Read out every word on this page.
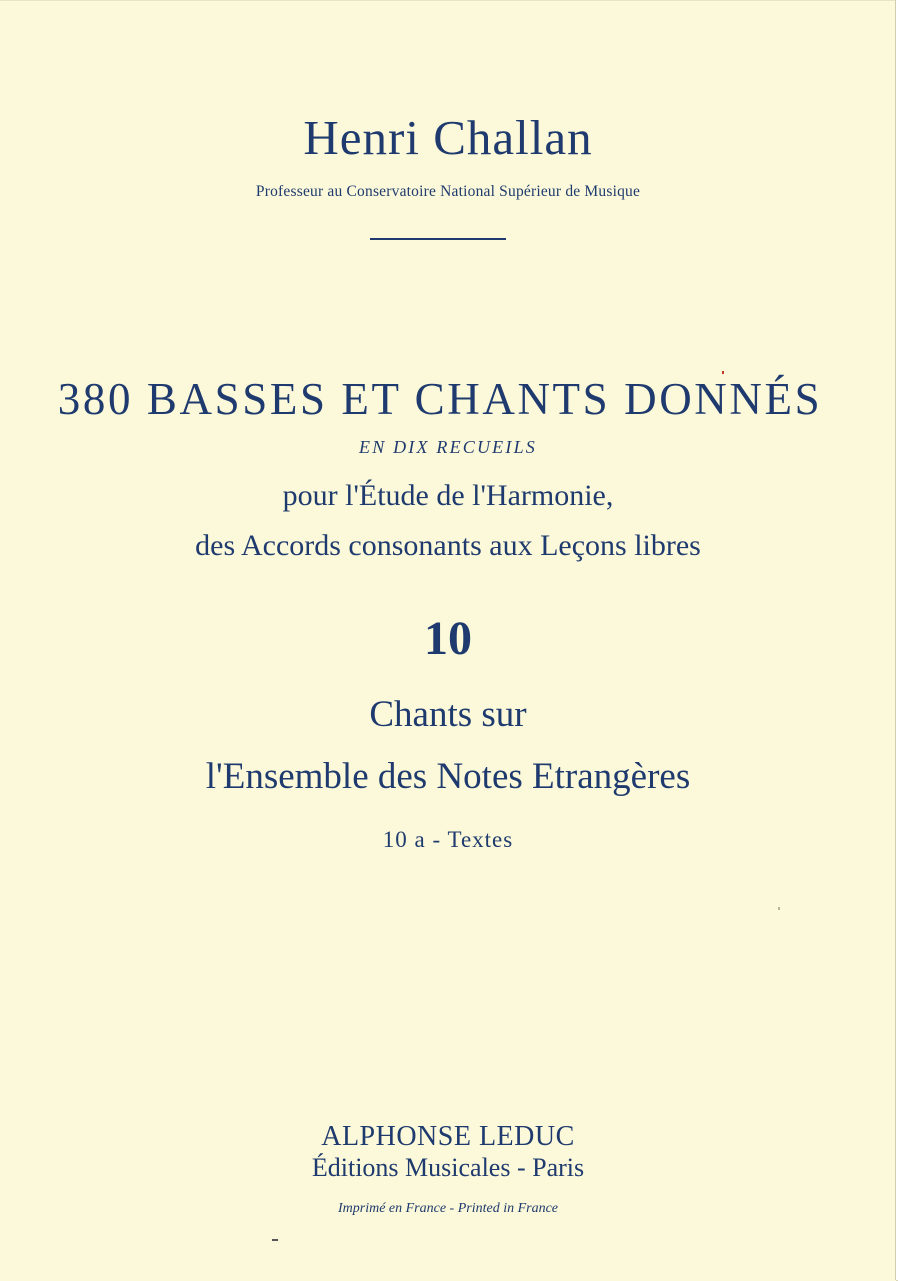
Henri Challan
Professeur au Conservatoire National Supérieur de Musique
380 BASSES ET CHANTS DONNÉS
EN DIX RECUEILS
pour l'Étude de l'Harmonie,
des Accords consonants aux Leçons libres
10
Chants sur
l'Ensemble des Notes Etrangères
10 a - Textes
ALPHONSE LEDUC
Éditions Musicales - Paris
Imprimé en France - Printed in France
